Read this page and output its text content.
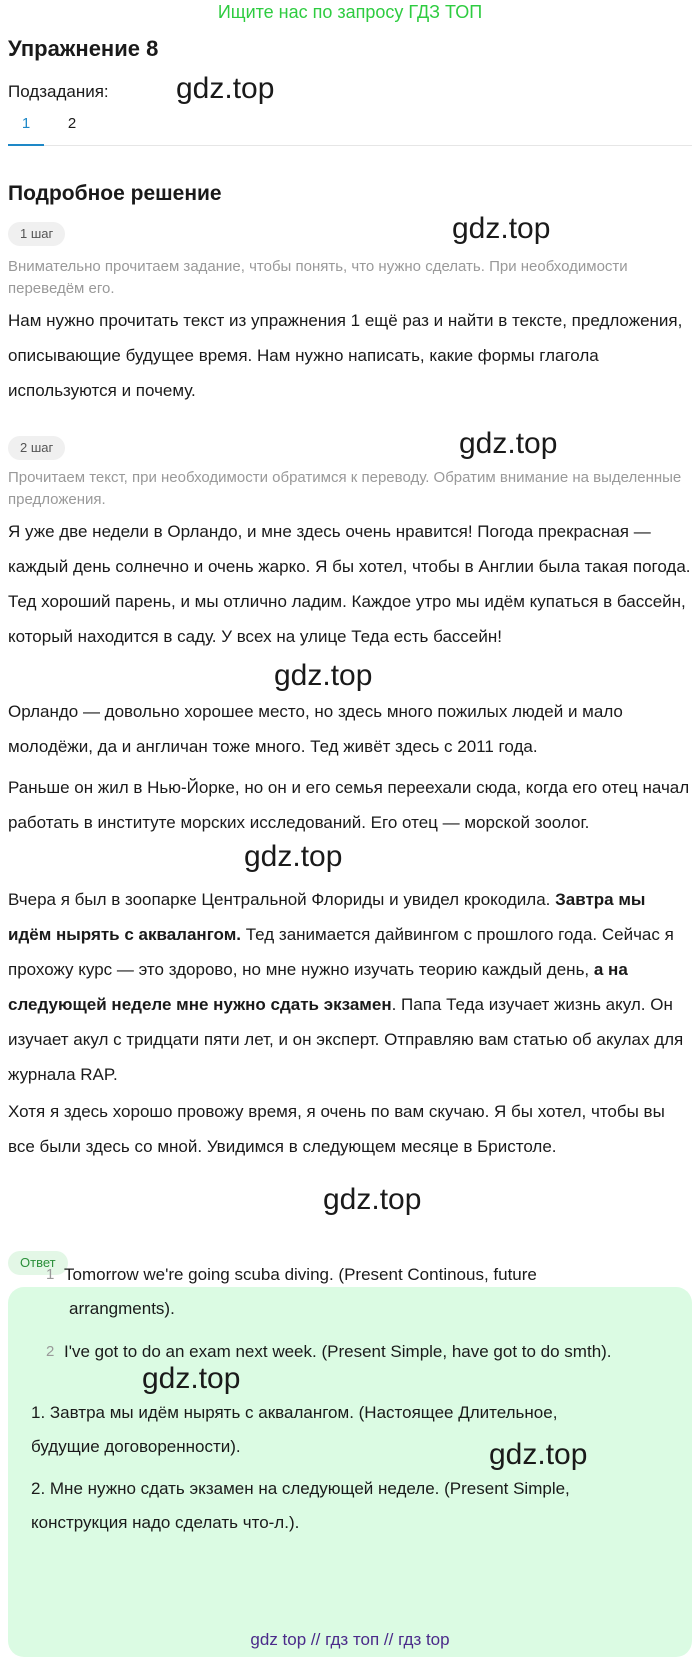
Ищите нас по запросу ГДЗ ТОП
Упражнение 8
Подзадания: gdz.top
1	2
Подробное решение
1 шаг	gdz.top
Внимательно прочитаем задание, чтобы понять, что нужно сделать. При необходимости переведём его.
Нам нужно прочитать текст из упражнения 1 ещё раз и найти в тексте, предложения, описывающие будущее время. Нам нужно написать, какие формы глагола используются и почему.
2 шаг	gdz.top
Прочитаем текст, при необходимости обратимся к переводу. Обратим внимание на выделенные предложения.
Я уже две недели в Орландо, и мне здесь очень нравится! Погода прекрасная — каждый день солнечно и очень жарко. Я бы хотел, чтобы в Англии была такая погода. Тед хороший парень, и мы отлично ладим. Каждое утро мы идём купаться в бассейн, который находится в саду. У всех на улице Теда есть бассейн!
gdz.top
Орландо — довольно хорошее место, но здесь много пожилых людей и мало молодёжи, да и англичан тоже много. Тед живёт здесь с 2011 года.
Раньше он жил в Нью-Йорке, но он и его семья переехали сюда, когда его отец начал работать в институте морских исследований. Его отец — морской зоолог.
gdz.top
Вчера я был в зоопарке Центральной Флориды и увидел крокодила. Завтра мы идём нырять с аквалангом. Тед занимается дайвингом с прошлого года. Сейчас я прохожу курс — это здорово, но мне нужно изучать теорию каждый день, а на следующей неделе мне нужно сдать экзамен. Папа Теда изучает жизнь акул. Он изучает акул с тридцати пяти лет, и он эксперт. Отправляю вам статью об акулах для журнала RAP.
Хотя я здесь хорошо провожу время, я очень по вам скучаю. Я бы хотел, чтобы вы все были здесь со мной. Увидимся в следующем месяце в Бристоле.
Ответ
gdz.top
1 Tomorrow we're going scuba diving. (Present Continous, future
arrangments).
2 I've got to do an exam next week. (Present Simple, have got to do smth).
gdz.top
1. Завтра мы идём нырять с аквалангом. (Настоящее Длительное,
будущие договоренности).	gdz.top
2. Мне нужно сдать экзамен на следующей неделе. (Present Simple,
конструкция надо сделать что-л.).
gdz top // гдз топ // гдз top
